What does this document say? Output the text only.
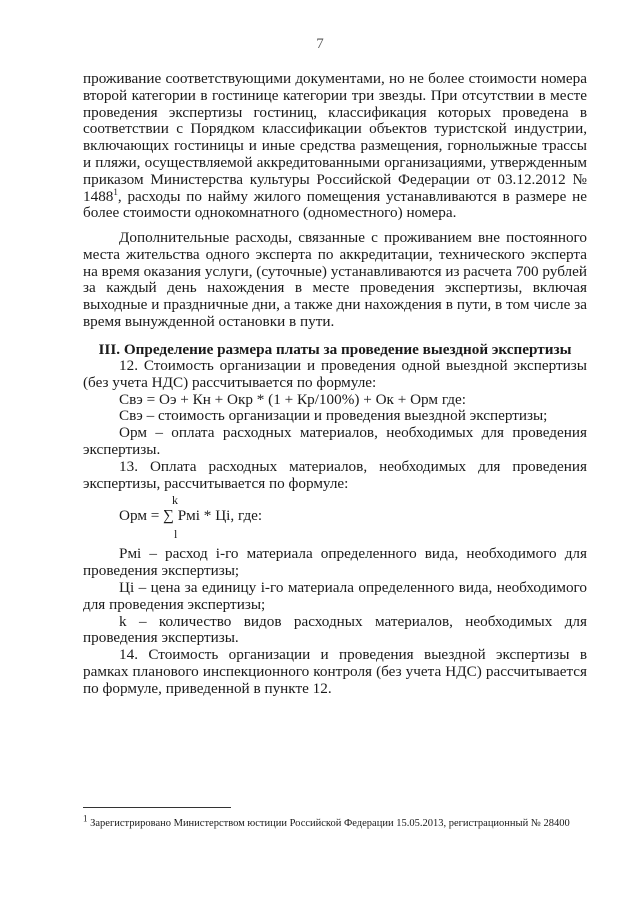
7

проживание соответствующими документами, но не более стоимости номера второй категории в гостинице категории три звезды. При отсутствии в месте проведения экспертизы гостиниц, классификация которых проведена в соответствии с Порядком классификации объектов туристской индустрии, включающих гостиницы и иные средства размещения, горнолыжные трассы и пляжи, осуществляемой аккредитованными организациями, утвержденным приказом Министерства культуры Российской Федерации от 03.12.2012 № 1488$^1$, расходы по найму жилого помещения устанавливаются в размере не более стоимости однокомнатного (одноместного) номера.

Дополнительные расходы, связанные с проживанием вне постоянного места жительства одного эксперта по аккредитации, технического эксперта на время оказания услуги, (суточные) устанавливаются из расчета 700 рублей за каждый день нахождения в месте проведения экспертизы, включая выходные и праздничные дни, а также дни нахождения в пути, в том числе за время вынужденной остановки в пути.

III. Определение размера платы за проведение выездной экспертизы

12. Стоимость организации и проведения одной выездной экспертизы (без учета НДС) рассчитывается по формуле:

Свэ = Оэ + Кн + Окр * (1 + Кр/100%) + Ок + Орм где:

Свэ – стоимость организации и проведения выездной экспертизы;

Орм – оплата расходных материалов, необходимых для проведения экспертизы.

13. Оплата расходных материалов, необходимых для проведения экспертизы, рассчитывается по формуле:

k
Орм = ∑ Рмi * Цi, где:
l

Рмi – расход i-го материала определенного вида, необходимого для проведения экспертизы;

Цi – цена за единицу i-го материала определенного вида, необходимого для проведения экспертизы;

k – количество видов расходных материалов, необходимых для проведения экспертизы.

14. Стоимость организации и проведения выездной экспертизы в рамках планового инспекционного контроля (без учета НДС) рассчитывается по формуле, приведенной в пункте 12.

1 Зарегистрировано Министерством юстиции Российской Федерации 15.05.2013, регистрационный № 28400
